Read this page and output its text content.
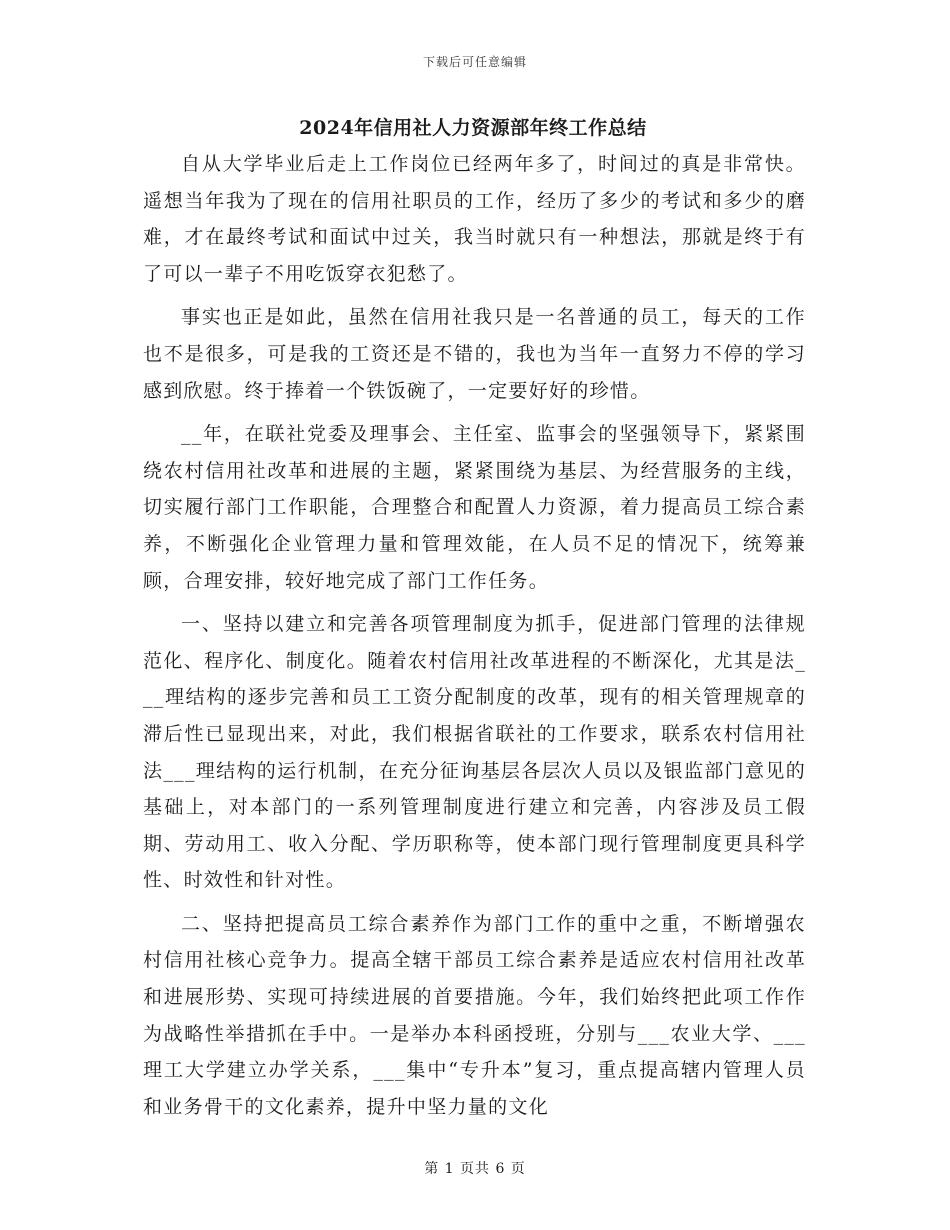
下载后可任意编辑
2024年信用社人力资源部年终工作总结

自从大学毕业后走上工作岗位已经两年多了，时间过的真是非常快。遥想当年我为了现在的信用社职员的工作，经历了多少的考试和多少的磨难，才在最终考试和面试中过关，我当时就只有一种想法，那就是终于有了可以一辈子不用吃饭穿衣犯愁了。

事实也正是如此，虽然在信用社我只是一名普通的员工，每天的工作也不是很多，可是我的工资还是不错的，我也为当年一直努力不停的学习感到欣慰。终于捧着一个铁饭碗了，一定要好好的珍惜。

__年，在联社党委及理事会、主任室、监事会的坚强领导下，紧紧围绕农村信用社改革和进展的主题，紧紧围绕为基层、为经营服务的主线，切实履行部门工作职能，合理整合和配置人力资源，着力提高员工综合素养，不断强化企业管理力量和管理效能，在人员不足的情况下，统筹兼顾，合理安排，较好地完成了部门工作任务。

一、坚持以建立和完善各项管理制度为抓手，促进部门管理的法律规范化、程序化、制度化。随着农村信用社改革进程的不断深化，尤其是法___理结构的逐步完善和员工工资分配制度的改革，现有的相关管理规章的滞后性已显现出来，对此，我们根据省联社的工作要求，联系农村信用社法___理结构的运行机制，在充分征询基层各层次人员以及银监部门意见的基础上，对本部门的一系列管理制度进行建立和完善，内容涉及员工假期、劳动用工、收入分配、学历职称等，使本部门现行管理制度更具科学性、时效性和针对性。

二、坚持把提高员工综合素养作为部门工作的重中之重，不断增强农村信用社核心竞争力。提高全辖干部员工综合素养是适应农村信用社改革和进展形势、实现可持续进展的首要措施。今年，我们始终把此项工作作为战略性举措抓在手中。一是举办本科函授班，分别与___农业大学、___理工大学建立办学关系，___集中“专升本”复习，重点提高辖内管理人员和业务骨干的文化素养，提升中坚力量的文化

第 1 页共 6 页
